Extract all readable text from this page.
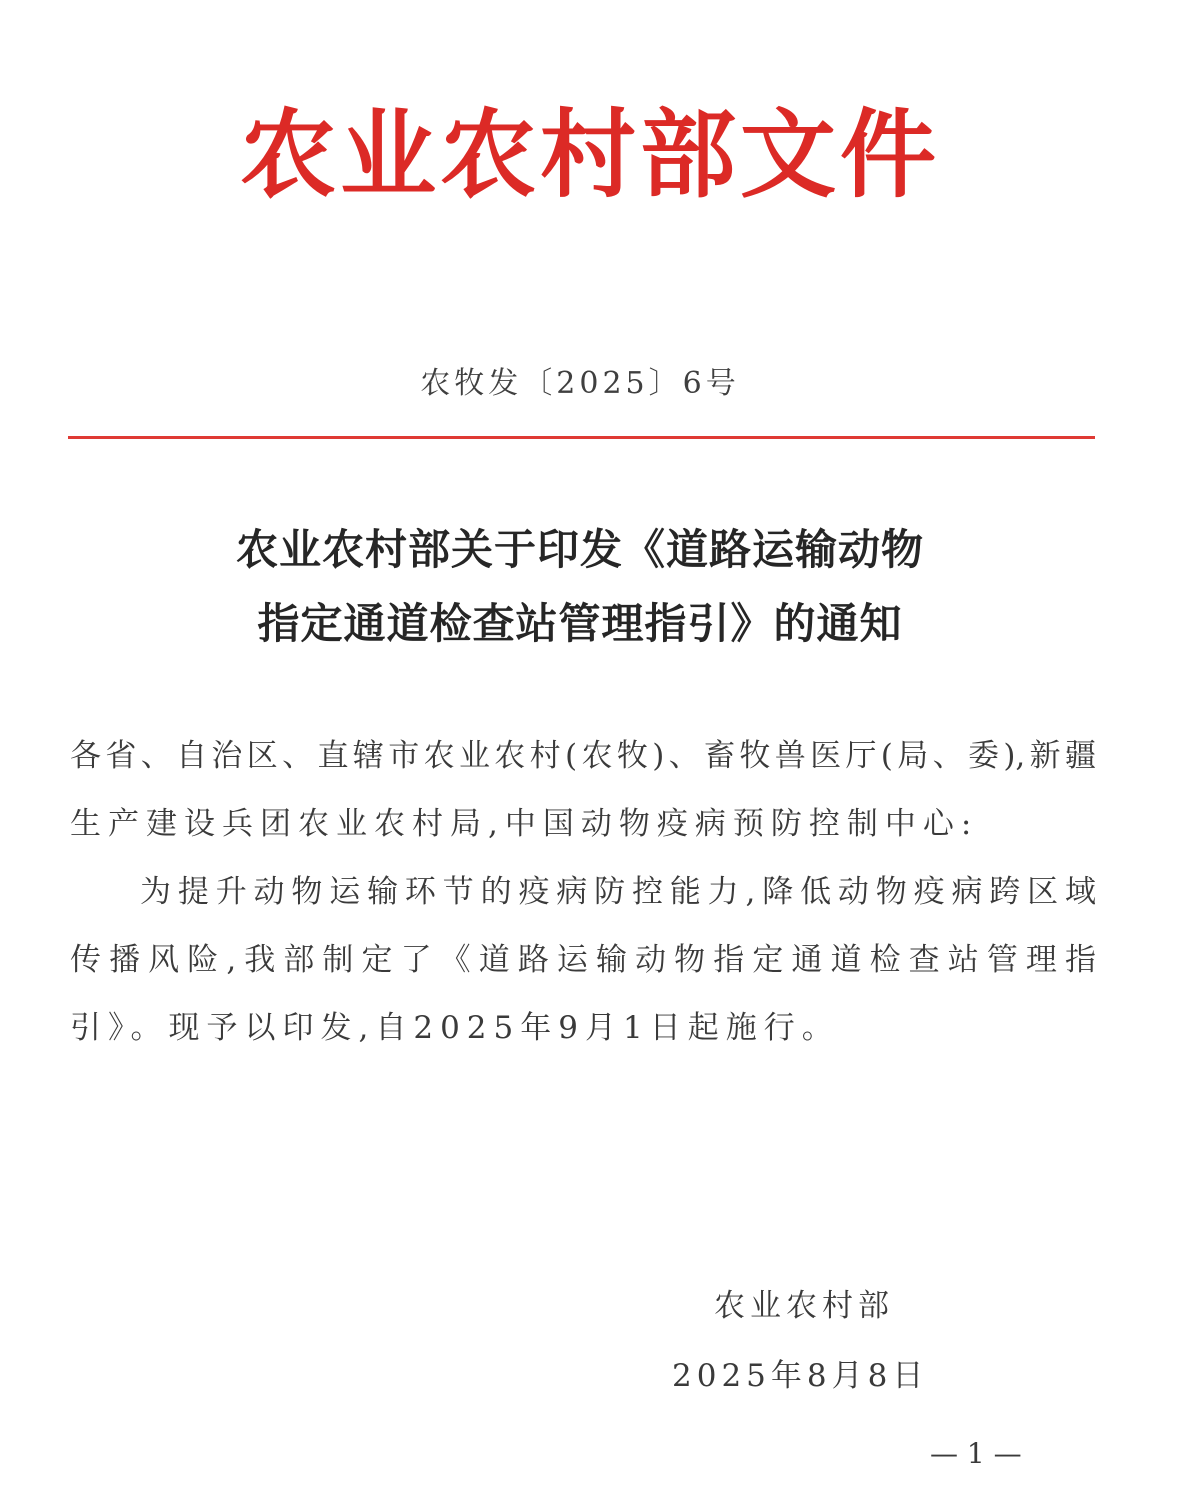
农业农村部文件
农牧发〔2025〕6号
农业农村部关于印发《道路运输动物
指定通道检查站管理指引》的通知
各省、自治区、直辖市农业农村(农牧)、畜牧兽医厅(局、委),新疆
生产建设兵团农业农村局,中国动物疫病预防控制中心:
为提升动物运输环节的疫病防控能力,降低动物疫病跨区域
传播风险,我部制定了《道路运输动物指定通道检查站管理指
引》。现予以印发,自2025年9月1日起施行。
农业农村部
2025年8月8日
— 1 —
